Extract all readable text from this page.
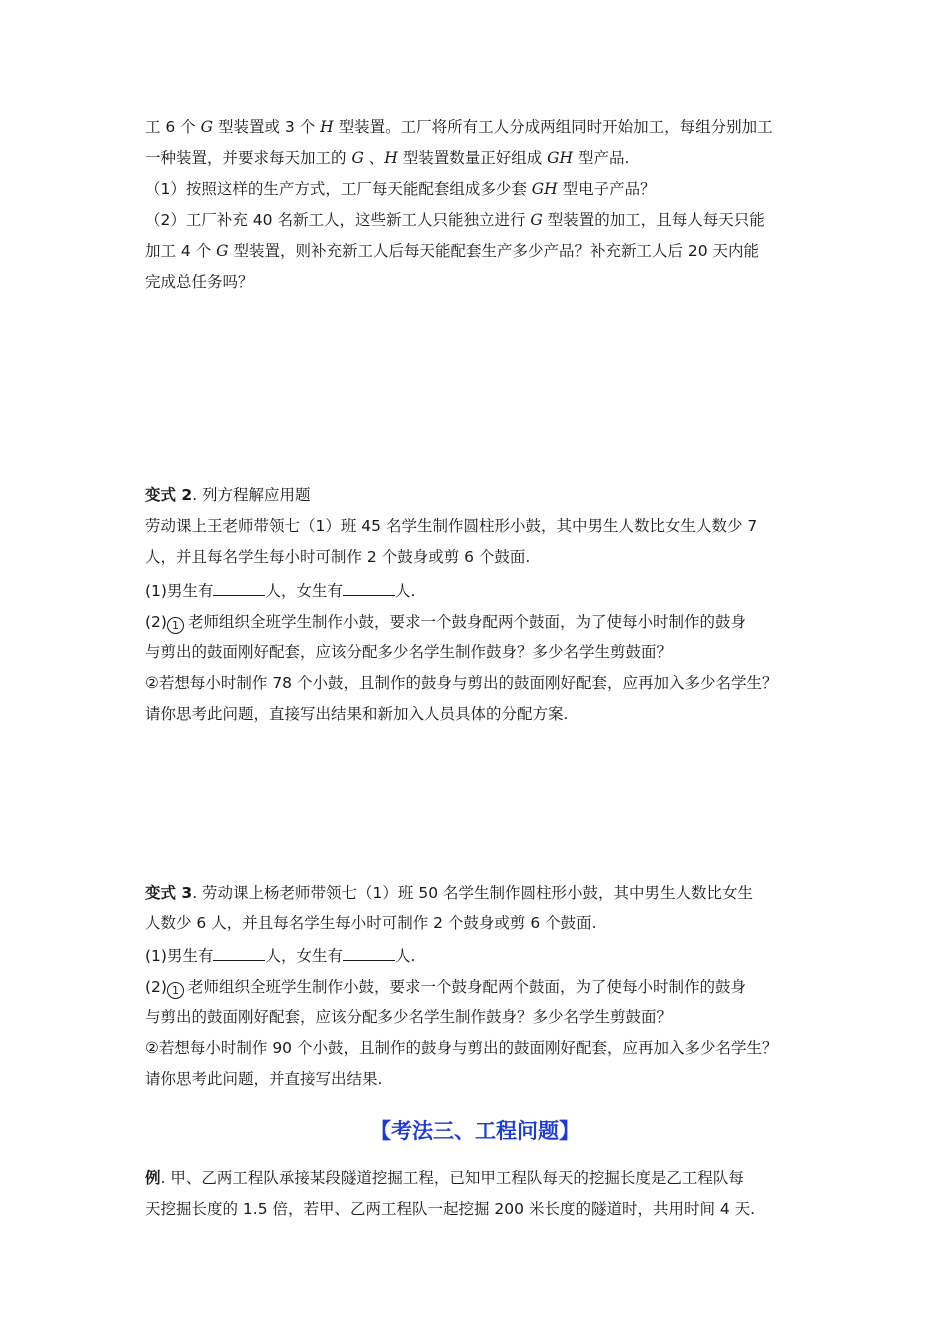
工 6 个 G 型装置或 3 个 H 型装置。工厂将所有工人分成两组同时开始加工，每组分别加工
一种装置，并要求每天加工的 G 、H 型装置数量正好组成 GH 型产品.
（1）按照这样的生产方式，工厂每天能配套组成多少套 GH 型电子产品？
（2）工厂补充 40 名新工人，这些新工人只能独立进行 G 型装置的加工，且每人每天只能
加工 4 个 G 型装置，则补充新工人后每天能配套生产多少产品？补充新工人后 20 天内能
完成总任务吗？
变式 2. 列方程解应用题
劳动课上王老师带领七（1）班 45 名学生制作圆柱形小鼓，其中男生人数比女生人数少 7
人，并且每名学生每小时可制作 2 个鼓身或剪 6 个鼓面.
(1)男生有	人，女生有	人.
(2) 1 老师组织全班学生制作小鼓，要求一个鼓身配两个鼓面，为了使每小时制作的鼓身
与剪出的鼓面刚好配套，应该分配多少名学生制作鼓身？多少名学生剪鼓面？
②若想每小时制作 78 个小鼓，且制作的鼓身与剪出的鼓面刚好配套，应再加入多少名学生？
请你思考此问题，直接写出结果和新加入人员具体的分配方案.
变式 3. 劳动课上杨老师带领七（1）班 50 名学生制作圆柱形小鼓，其中男生人数比女生
人数少 6 人，并且每名学生每小时可制作 2 个鼓身或剪 6 个鼓面.
(1)男生有	人，女生有	人.
(2) 1 老师组织全班学生制作小鼓，要求一个鼓身配两个鼓面，为了使每小时制作的鼓身
与剪出的鼓面刚好配套，应该分配多少名学生制作鼓身？多少名学生剪鼓面？
②若想每小时制作 90 个小鼓，且制作的鼓身与剪出的鼓面刚好配套，应再加入多少名学生？
请你思考此问题，并直接写出结果.
【考法三、工程问题】
例. 甲、乙两工程队承接某段隧道挖掘工程，已知甲工程队每天的挖掘长度是乙工程队每
天挖掘长度的 1.5 倍，若甲、乙两工程队一起挖掘 200 米长度的隧道时，共用时间 4 天.
